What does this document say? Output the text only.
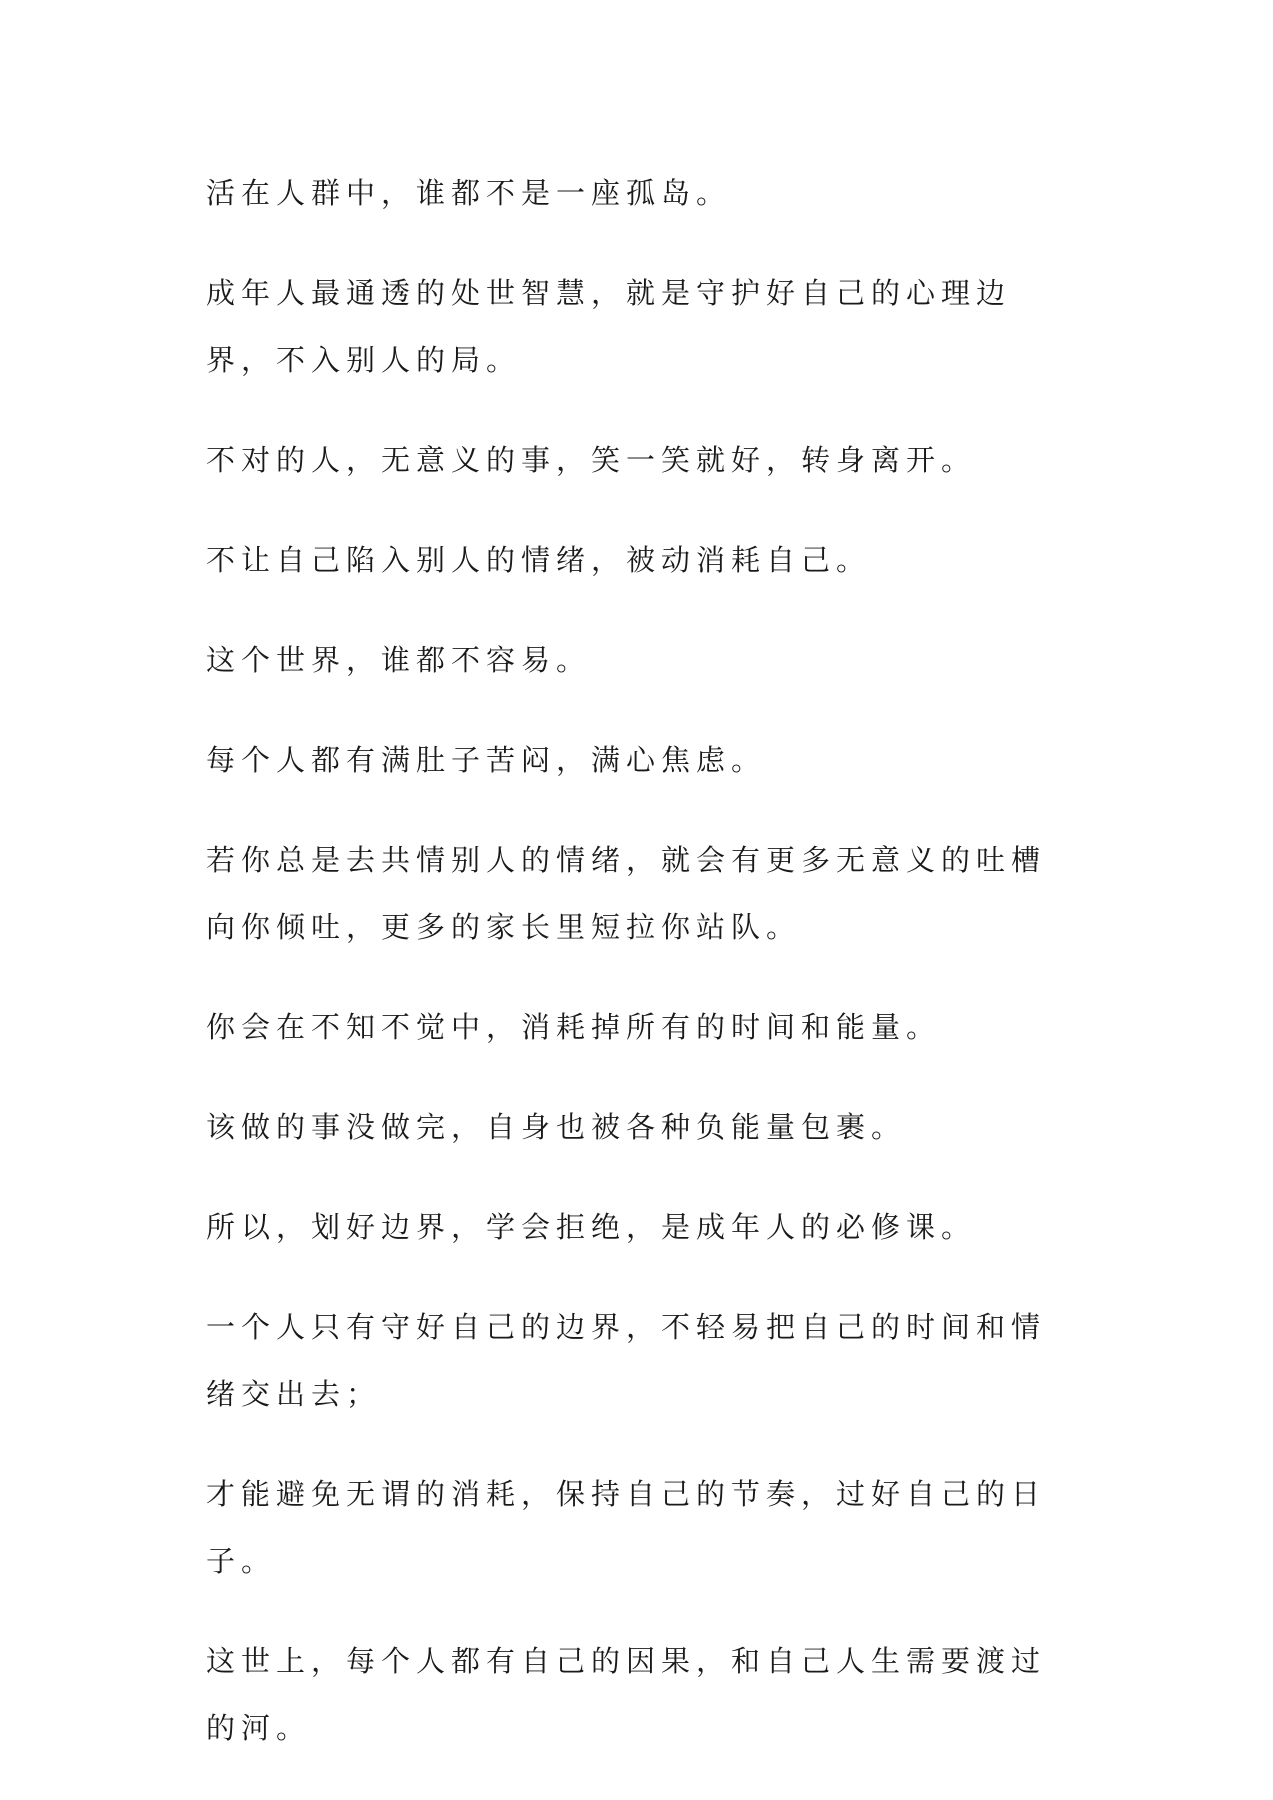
活在人群中，谁都不是一座孤岛。

成年人最通透的处世智慧，就是守护好自己的心理边界，不入别人的局。

不对的人，无意义的事，笑一笑就好，转身离开。

不让自己陷入别人的情绪，被动消耗自己。

这个世界，谁都不容易。

每个人都有满肚子苦闷，满心焦虑。

若你总是去共情别人的情绪，就会有更多无意义的吐槽向你倾吐，更多的家长里短拉你站队。

你会在不知不觉中，消耗掉所有的时间和能量。

该做的事没做完，自身也被各种负能量包裹。

所以，划好边界，学会拒绝，是成年人的必修课。

一个人只有守好自己的边界，不轻易把自己的时间和情绪交出去；

才能避免无谓的消耗，保持自己的节奏，过好自己的日子。

这世上，每个人都有自己的因果，和自己人生需要渡过的河。
